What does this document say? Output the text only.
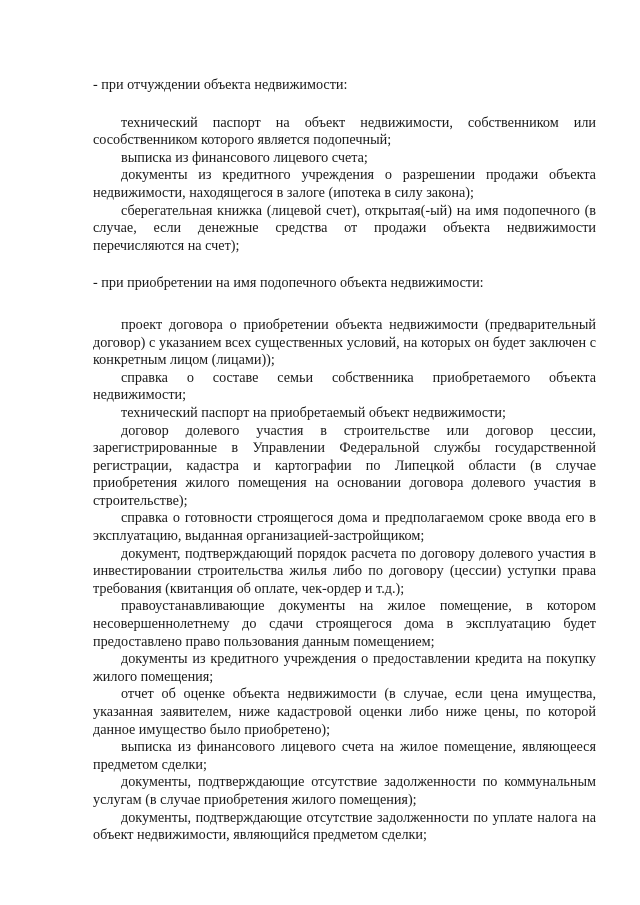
- при отчуждении объекта недвижимости:

технический паспорт на объект недвижимости, собственником или сособственником которого является подопечный;

выписка из финансового лицевого счета;

документы из кредитного учреждения о разрешении продажи объекта недвижимости, находящегося в залоге (ипотека в силу закона);

сберегательная книжка (лицевой счет), открытая(-ый) на имя подопечного (в случае, если денежные средства от продажи объекта недвижимости перечисляются на счет);

- при приобретении на имя подопечного объекта недвижимости:

проект договора о приобретении объекта недвижимости (предварительный договор) с указанием всех существенных условий, на которых он будет заключен с конкретным лицом (лицами));

справка о составе семьи собственника приобретаемого объекта недвижимости;

технический паспорт на приобретаемый объект недвижимости;

договор долевого участия в строительстве или договор цессии, зарегистрированные в Управлении Федеральной службы государственной регистрации, кадастра и картографии по Липецкой области (в случае приобретения жилого помещения на основании договора долевого участия в строительстве);

справка о готовности строящегося дома и предполагаемом сроке ввода его в эксплуатацию, выданная организацией-застройщиком;

документ, подтверждающий порядок расчета по договору долевого участия в инвестировании строительства жилья либо по договору (цессии) уступки права требования (квитанция об оплате, чек-ордер и т.д.);

правоустанавливающие документы на жилое помещение, в котором несовершеннолетнему до сдачи строящегося дома в эксплуатацию будет предоставлено право пользования данным помещением;

документы из кредитного учреждения о предоставлении кредита на покупку жилого помещения;

отчет об оценке объекта недвижимости (в случае, если цена имущества, указанная заявителем, ниже кадастровой оценки либо ниже цены, по которой данное имущество было приобретено);

выписка из финансового лицевого счета на жилое помещение, являющееся предметом сделки;

документы, подтверждающие отсутствие задолженности по коммунальным услугам (в случае приобретения жилого помещения);

документы, подтверждающие отсутствие задолженности по уплате налога на объект недвижимости, являющийся предметом сделки;
